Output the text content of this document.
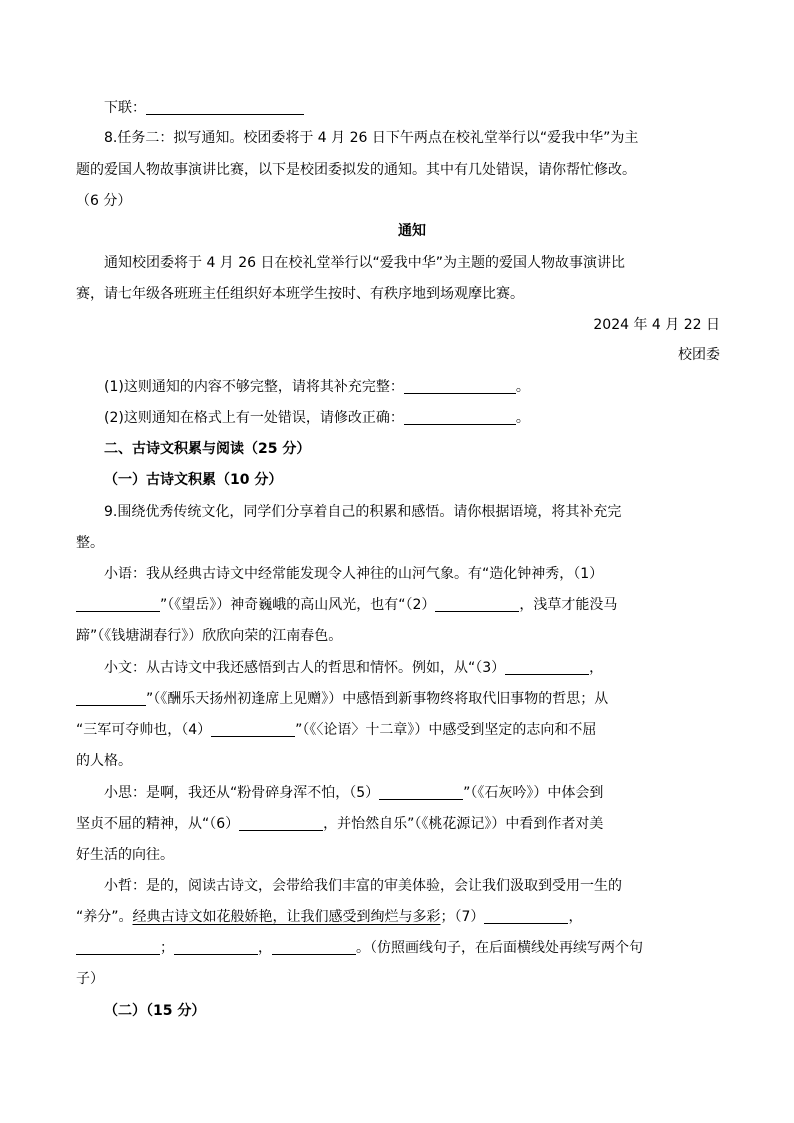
下联：
8.任务二：拟写通知。校团委将于 4 月 26 日下午两点在校礼堂举行以“爱我中华”为主
题的爱国人物故事演讲比赛，以下是校团委拟发的通知。其中有几处错误，请你帮忙修改。
（6 分）
通知
通知校团委将于 4 月 26 日在校礼堂举行以“爱我中华”为主题的爱国人物故事演讲比
赛，请七年级各班班主任组织好本班学生按时、有秩序地到场观摩比赛。
2024 年 4 月 22 日
校团委
(1)这则通知的内容不够完整，请将其补充完整：	。
(2)这则通知在格式上有一处错误，请修改正确：	。
二、古诗文积累与阅读（25 分）
（一）古诗文积累（10 分）
9.围绕优秀传统文化，同学们分享着自己的积累和感悟。请你根据语境，将其补充完
整。
小语：我从经典古诗文中经常能发现令人神往的山河气象。有“造化钟神秀，（1）
”（《望岳》）神奇巍峨的高山风光，也有“（2）	，浅草才能没马
蹄”（《钱塘湖春行》）欣欣向荣的江南春色。
小文：从古诗文中我还感悟到古人的哲思和情怀。例如，从“（3）	，
”（《酬乐天扬州初逢席上见赠》）中感悟到新事物终将取代旧事物的哲思；从
“三军可夺帅也，（4）	”（《〈论语〉十二章》）中感受到坚定的志向和不屈
的人格。
小思：是啊，我还从“粉骨碎身浑不怕，（5）	”（《石灰吟》）中体会到
坚贞不屈的精神，从“（6）	，并怡然自乐”（《桃花源记》）中看到作者对美
好生活的向往。
小哲：是的，阅读古诗文，会带给我们丰富的审美体验，会让我们汲取到受用一生的
“养分”。经典古诗文如花般娇艳，让我们感受到绚烂与多彩；（7）	，
；	，	。（仿照画线句子，在后面横线处再续写两个句
子）
（二）（15 分）
